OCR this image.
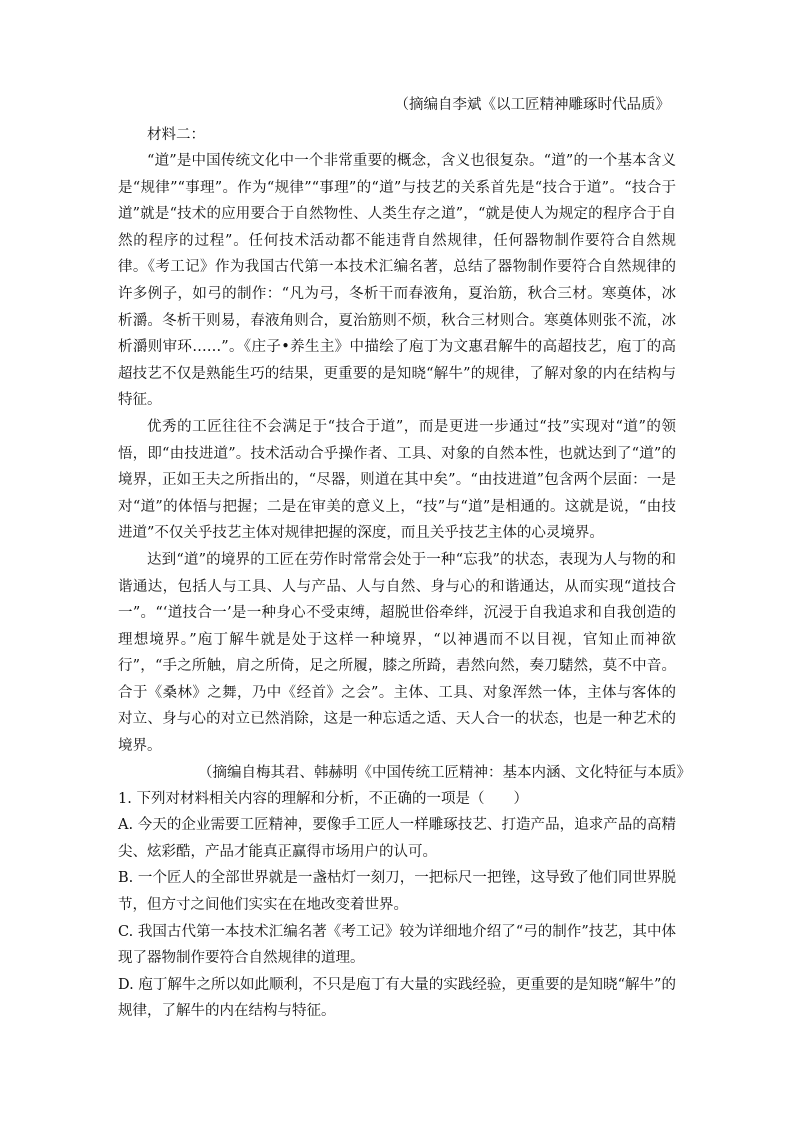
（摘编自李斌《以工匠精神雕琢时代品质》

材料二：

“道”是中国传统文化中一个非常重要的概念，含义也很复杂。“道”的一个基本含义是“规律”“事理”。作为“规律”“事理”的“道”与技艺的关系首先是“技合于道”。“技合于道”就是“技术的应用要合于自然物性、人类生存之道”，“就是使人为规定的程序合于自然的程序的过程”。任何技术活动都不能违背自然规律，任何器物制作要符合自然规律。《考工记》作为我国古代第一本技术汇编名著，总结了器物制作要符合自然规律的许多例子，如弓的制作：“凡为弓，冬析干而春液角，夏治筋，秋合三材。寒奠体，冰析灂。冬析干则易，春液角则合，夏治筋则不烦，秋合三材则合。寒奠体则张不流，冰析灂则审环……”。《庄子•养生主》中描绘了庖丁为文惠君解牛的高超技艺，庖丁的高超技艺不仅是熟能生巧的结果，更重要的是知晓“解牛”的规律，了解对象的内在结构与特征。

优秀的工匠往往不会满足于“技合于道”，而是更进一步通过“技”实现对“道”的领悟，即“由技进道”。技术活动合乎操作者、工具、对象的自然本性，也就达到了“道”的境界，正如王夫之所指出的，“尽器，则道在其中矣”。“由技进道”包含两个层面：一是对“道”的体悟与把握；二是在审美的意义上，“技”与“道”是相通的。这就是说，“由技进道”不仅关乎技艺主体对规律把握的深度，而且关乎技艺主体的心灵境界。

达到“道”的境界的工匠在劳作时常常会处于一种“忘我”的状态，表现为人与物的和谐通达，包括人与工具、人与产品、人与自然、身与心的和谐通达，从而实现“道技合一”。“‘道技合一’是一种身心不受束缚，超脱世俗牵绊，沉浸于自我追求和自我创造的理想境界。”庖丁解牛就是处于这样一种境界，“以神遇而不以目视，官知止而神欲行”，“手之所触，肩之所倚，足之所履，膝之所踦，砉然向然，奏刀騞然，莫不中音。合于《桑林》之舞，乃中《经首》之会”。主体、工具、对象浑然一体，主体与客体的对立、身与心的对立已然消除，这是一种忘适之适、天人合一的状态，也是一种艺术的境界。

（摘编自梅其君、韩赫明《中国传统工匠精神：基本内涵、文化特征与本质》

1. 下列对材料相关内容的理解和分析，不正确的一项是（　　）

A. 今天的企业需要工匠精神，要像手工匠人一样雕琢技艺、打造产品，追求产品的高精尖、炫彩酷，产品才能真正赢得市场用户的认可。

B. 一个匠人的全部世界就是一盏枯灯一刻刀，一把标尺一把锉，这导致了他们同世界脱节，但方寸之间他们实实在在地改变着世界。

C. 我国古代第一本技术汇编名著《考工记》较为详细地介绍了“弓的制作”技艺，其中体现了器物制作要符合自然规律的道理。

D. 庖丁解牛之所以如此顺利，不只是庖丁有大量的实践经验，更重要的是知晓“解牛”的规律，了解牛的内在结构与特征。
